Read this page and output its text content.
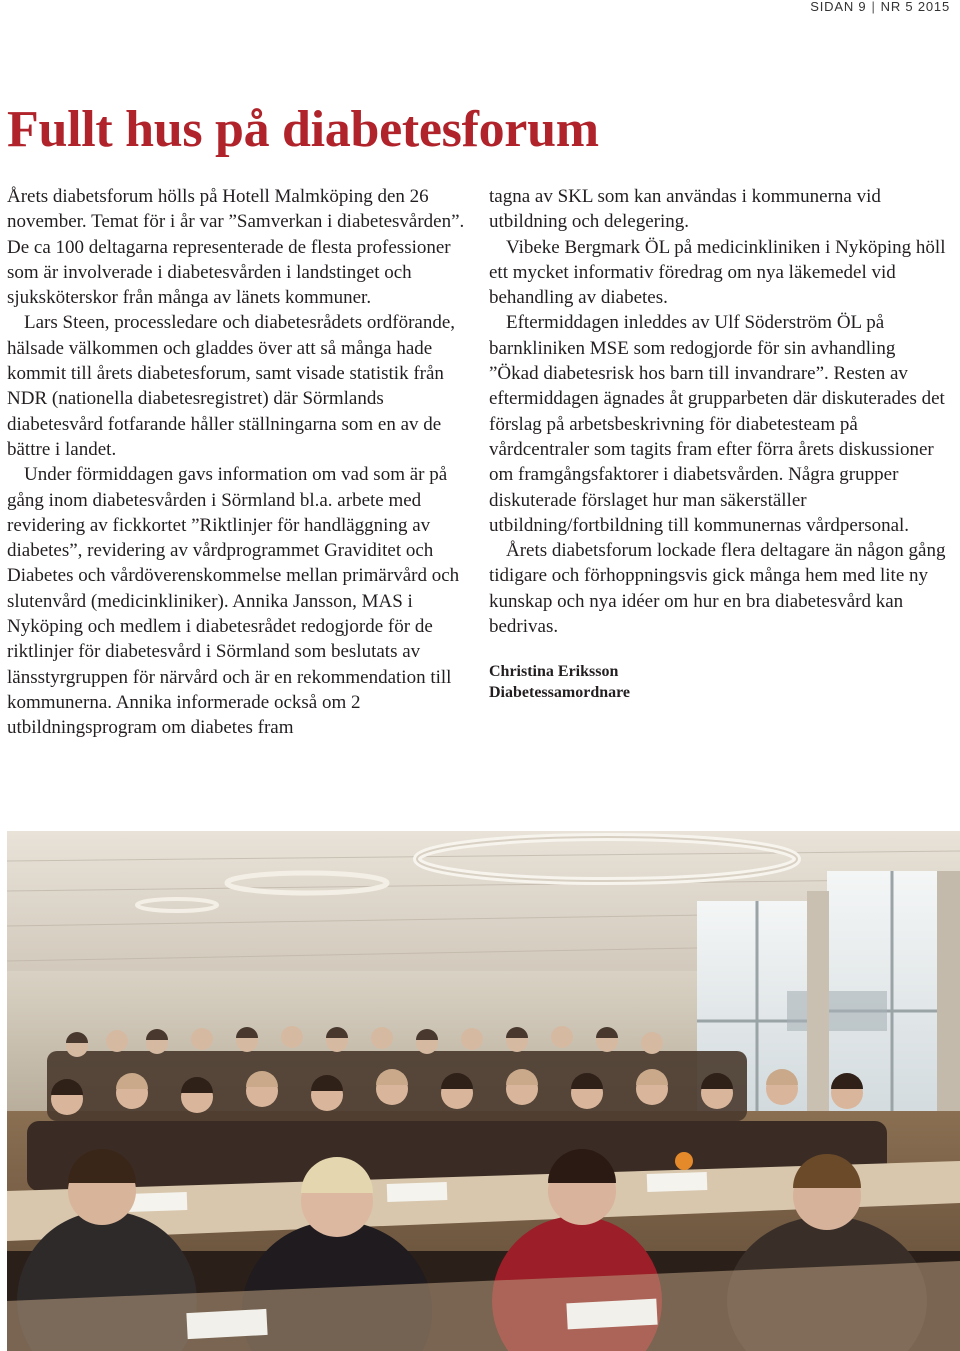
SIDAN 9 | NR 5 2015
Fullt hus på diabetesforum

Årets diabetsforum hölls på Hotell Malmköping den 26 november. Temat för i år var ”Samverkan i diabetesvården”. De ca 100 deltagarna representerade de flesta professioner som är involverade i diabetesvården i landstinget och sjuksköterskor från många av länets kommuner.

Lars Steen, processledare och diabetesrådets ordförande, hälsade välkommen och gladdes över att så många hade kommit till årets diabetesforum, samt visade statistik från NDR (nationella diabetesregistret) där Sörmlands diabetesvård fotfarande håller ställningarna som en av de bättre i landet.

Under förmiddagen gavs information om vad som är på gång inom diabetesvården i Sörmland bl.a. arbete med revidering av fickkortet ”Riktlinjer för handläggning av diabetes”, revidering av vårdprogrammet Graviditet och Diabetes och vårdöverenskommelse mellan primärvård och slutenvård (medicinkliniker). Annika Jansson, MAS i Nyköping och medlem i diabetesrådet redogjorde för de riktlinjer för diabetesvård i Sörmland som beslutats av länsstyrgruppen för närvård och är en rekommendation till kommunerna. Annika informerade också om 2 utbildningsprogram om diabetes fram

tagna av SKL som kan användas i kommunerna vid utbildning och delegering.

Vibeke Bergmark ÖL på medicinkliniken i Nyköping höll ett mycket informativ föredrag om nya läkemedel vid behandling av diabetes.

Eftermiddagen inleddes av Ulf Söderström ÖL på barnkliniken MSE som redogjorde för sin avhandling ”Ökad diabetesrisk hos barn till invandrare”. Resten av eftermiddagen ägnades åt grupparbeten där diskuterades det förslag på arbetsbeskrivning för diabetesteam på vårdcentraler som tagits fram efter förra årets diskussioner om framgångsfaktorer i diabetsvården. Några grupper diskuterade förslaget hur man säkerställer utbildning/fortbildning till kommunernas vårdpersonal.

Årets diabetsforum lockade flera deltagare än någon gång tidigare och förhoppningsvis gick många hem med lite ny kunskap och nya idéer om hur en bra diabetesvård kan bedrivas.

Christina Eriksson
Diabetessamordnare
